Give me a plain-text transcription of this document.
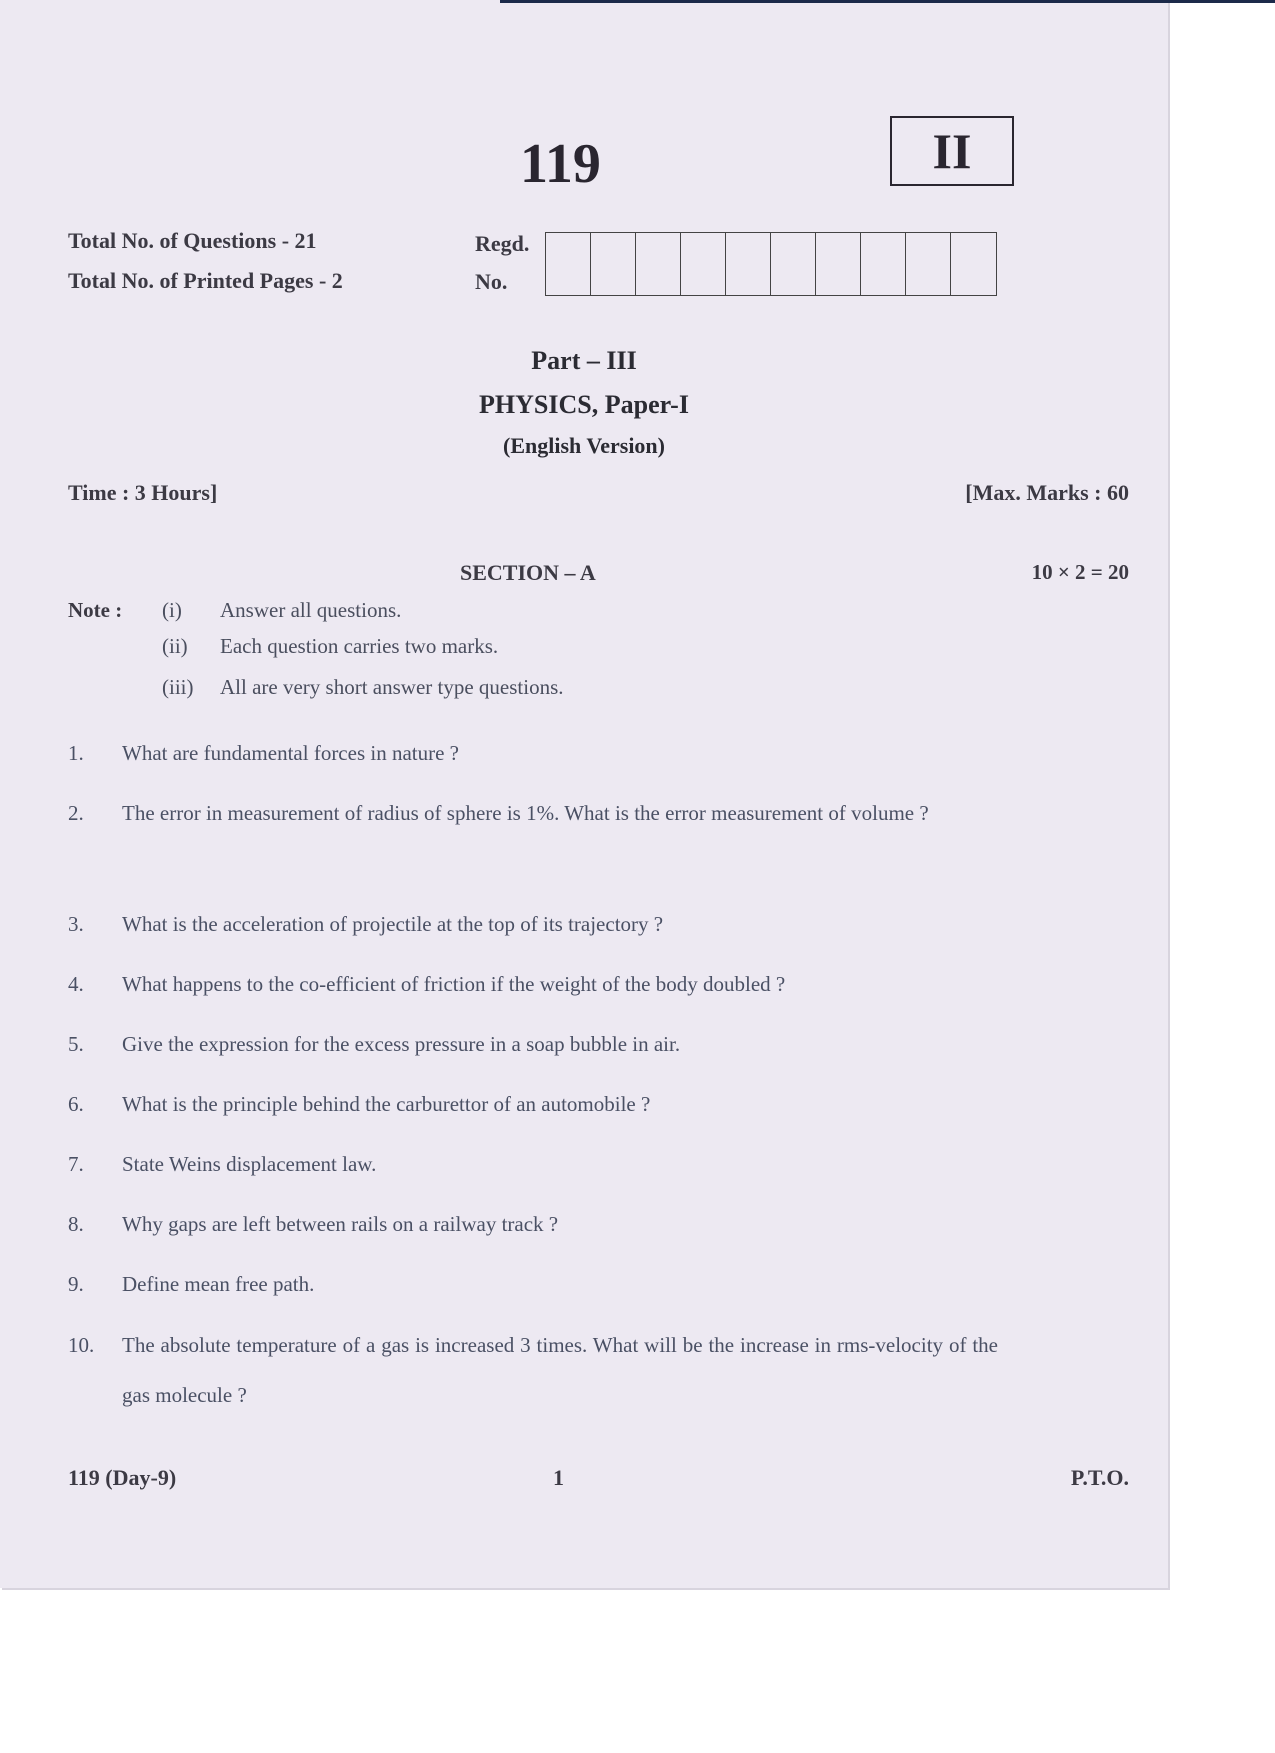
119	II
Total No. of Questions - 21
Total No. of Printed Pages - 2
Regd.
No.
Part – III
PHYSICS, Paper-I
(English Version)
Time : 3 Hours]	[Max. Marks : 60
SECTION – A	10 × 2 = 20
Note : (i) Answer all questions.
(ii) Each question carries two marks.
(iii) All are very short answer type questions.
1. What are fundamental forces in nature ?
2. The error in measurement of radius of sphere is 1%. What is the error measurement of volume ?
3. What is the acceleration of projectile at the top of its trajectory ?
4. What happens to the co-efficient of friction if the weight of the body doubled ?
5. Give the expression for the excess pressure in a soap bubble in air.
6. What is the principle behind the carburettor of an automobile ?
7. State Weins displacement law.
8. Why gaps are left between rails on a railway track ?
9. Define mean free path.
10. The absolute temperature of a gas is increased 3 times. What will be the increase in rms-velocity of the gas molecule ?
119 (Day-9)	1	P.T.O.
